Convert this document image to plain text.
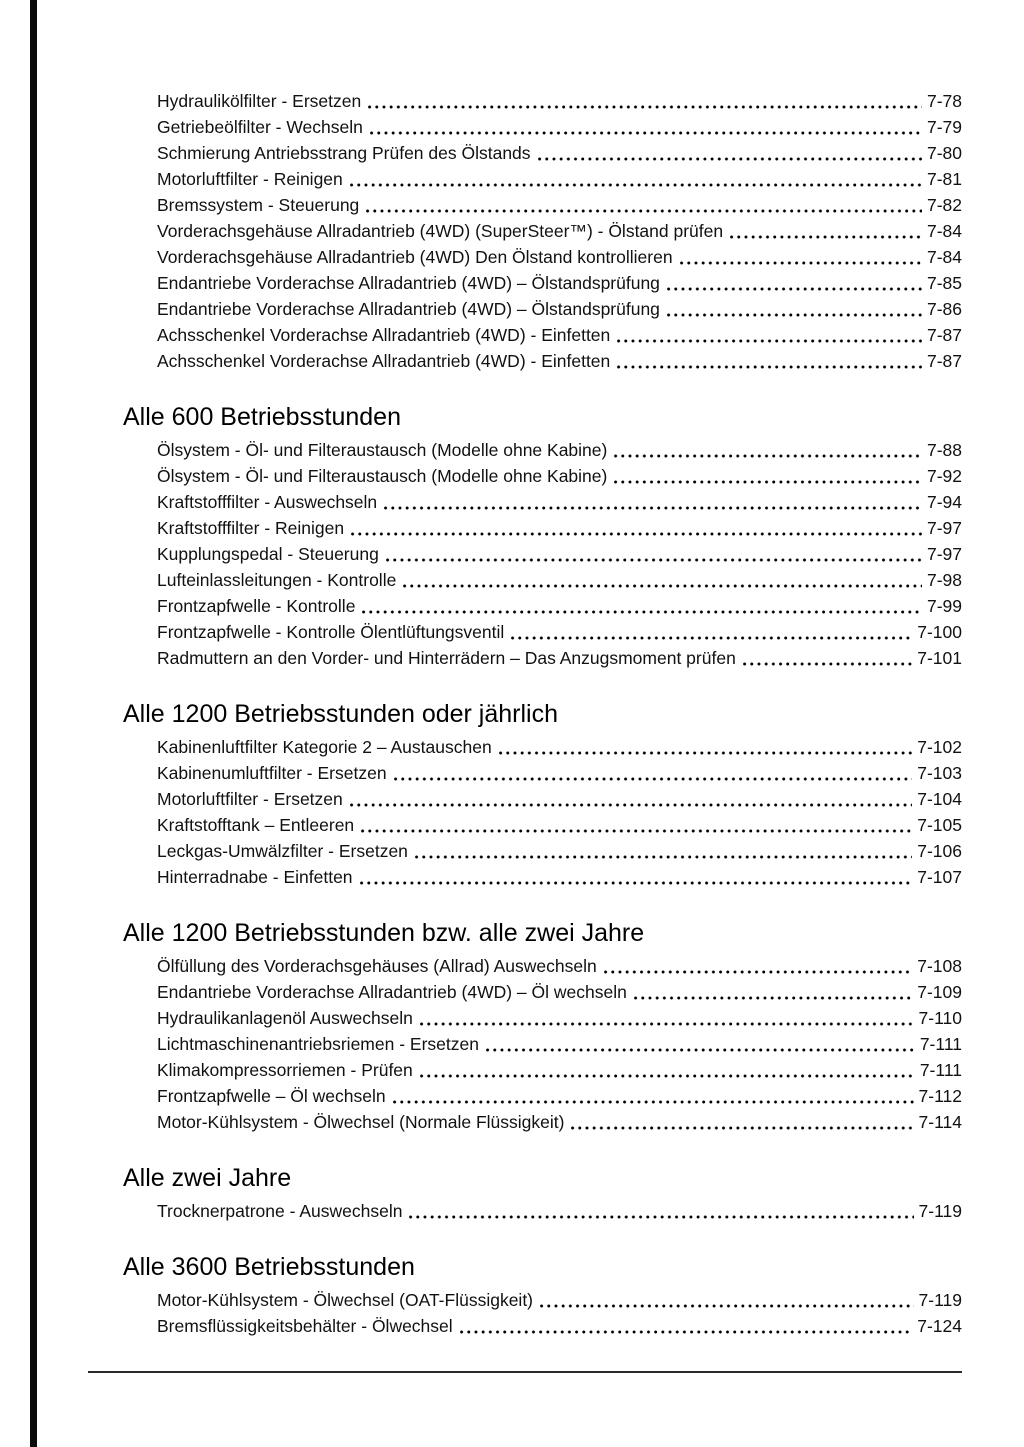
Hydraulikölfilter - Ersetzen	7-78
Getriebeölfilter - Wechseln	7-79
Schmierung Antriebsstrang Prüfen des Ölstands	7-80
Motorluftfilter - Reinigen	7-81
Bremssystem - Steuerung	7-82
Vorderachsgehäuse Allradantrieb (4WD) (SuperSteer™) - Ölstand prüfen	7-84
Vorderachsgehäuse Allradantrieb (4WD) Den Ölstand kontrollieren	7-84
Endantriebe Vorderachse Allradantrieb (4WD) – Ölstandsprüfung	7-85
Endantriebe Vorderachse Allradantrieb (4WD) – Ölstandsprüfung	7-86
Achsschenkel Vorderachse Allradantrieb (4WD) - Einfetten	7-87
Achsschenkel Vorderachse Allradantrieb (4WD) - Einfetten	7-87
Alle 600 Betriebsstunden
Ölsystem - Öl- und Filteraustausch (Modelle ohne Kabine)	7-88
Ölsystem - Öl- und Filteraustausch (Modelle ohne Kabine)	7-92
Kraftstofffilter - Auswechseln	7-94
Kraftstofffilter - Reinigen	7-97
Kupplungspedal - Steuerung	7-97
Lufteinlassleitungen - Kontrolle	7-98
Frontzapfwelle - Kontrolle	7-99
Frontzapfwelle - Kontrolle Ölentlüftungsventil	7-100
Radmuttern an den Vorder- und Hinterrädern – Das Anzugsmoment prüfen	7-101
Alle 1200 Betriebsstunden oder jährlich
Kabinenluftfilter Kategorie 2 – Austauschen	7-102
Kabinenumluftfilter - Ersetzen	7-103
Motorluftfilter - Ersetzen	7-104
Kraftstofftank – Entleeren	7-105
Leckgas-Umwälzfilter - Ersetzen	7-106
Hinterradnabe - Einfetten	7-107
Alle 1200 Betriebsstunden bzw. alle zwei Jahre
Ölfüllung des Vorderachsgehäuses (Allrad) Auswechseln	7-108
Endantriebe Vorderachse Allradantrieb (4WD) – Öl wechseln	7-109
Hydraulikanlagenöl Auswechseln	7-110
Lichtmaschinenantriebsriemen - Ersetzen	7-111
Klimakompressorriemen - Prüfen	7-111
Frontzapfwelle – Öl wechseln	7-112
Motor-Kühlsystem - Ölwechsel (Normale Flüssigkeit)	7-114
Alle zwei Jahre
Trocknerpatrone - Auswechseln	7-119
Alle 3600 Betriebsstunden
Motor-Kühlsystem - Ölwechsel (OAT-Flüssigkeit)	7-119
Bremsflüssigkeitsbehälter - Ölwechsel	7-124
